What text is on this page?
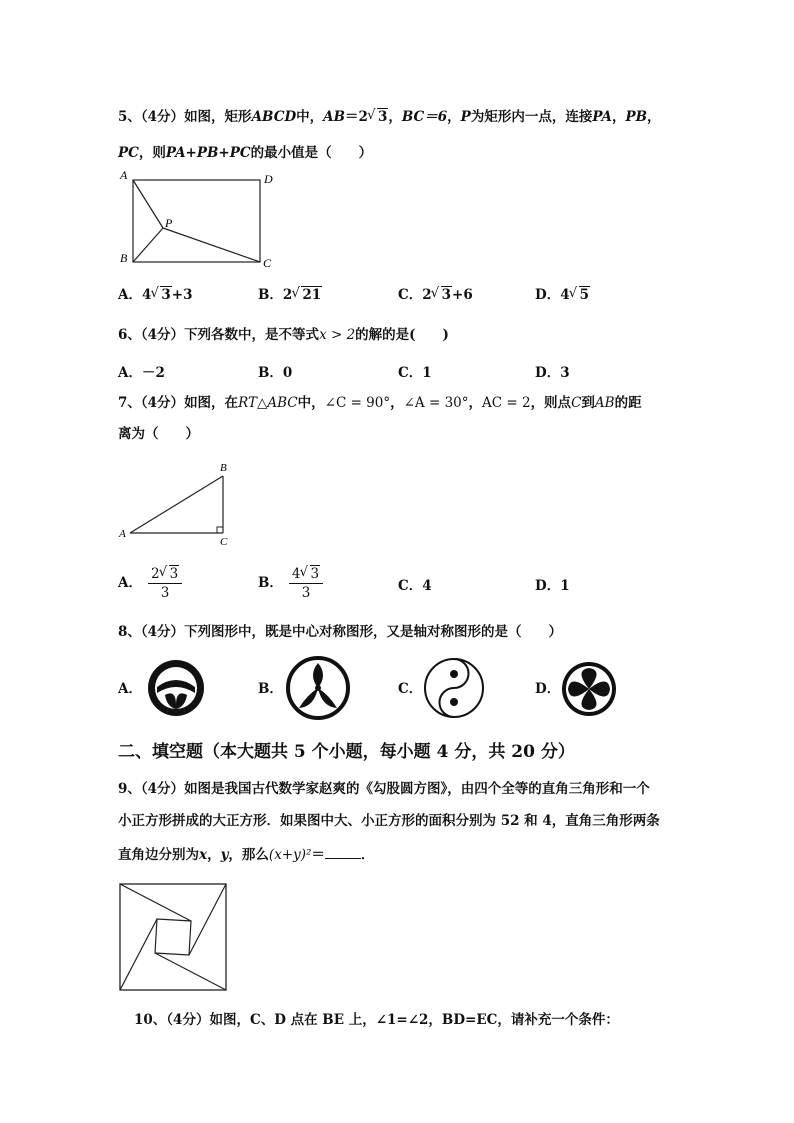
5、（4分）如图，矩形ABCD中，AB＝2 √ 3，BC＝6，P为矩形内一点，连接PA，PB，
PC，则PA+PB+PC的最小值是（　　）
A	D
P
B	C
A．4 √ 3+3	B．2 √ 21	C．2 √ 3+6	D．4 √ 5
6、（4分）下列各数中，是不等式x > 2的解的是(　　)
A．－2	B．0	C．1	D．3
7、（4分）如图，在RT△ABC中，∠C = 90°，∠A = 30°，AC = 2，则点C到AB的距
离为（　　）
A
B
C
A． $\frac{2 √ 3}{3}$	B． $\frac{4 √ 3}{3}$	C．4	D．1
8、（4分）下列图形中，既是中心对称图形，又是轴对称图形的是（　　）
A．	B．	C．	D．
二、填空题（本大题共 5 个小题，每小题 4 分，共 20 分）
9、（4分）如图是我国古代数学家赵爽的《勾股圆方图》，由四个全等的直角三角形和一个
小正方形拼成的大正方形．如果图中大、小正方形的面积分别为 52 和 4，直角三角形两条
直角边分别为x，y，那么(x+y)²＝	．
10、（4分）如图，C、D 点在 BE 上，∠1=∠2，BD=EC，请补充一个条件：
